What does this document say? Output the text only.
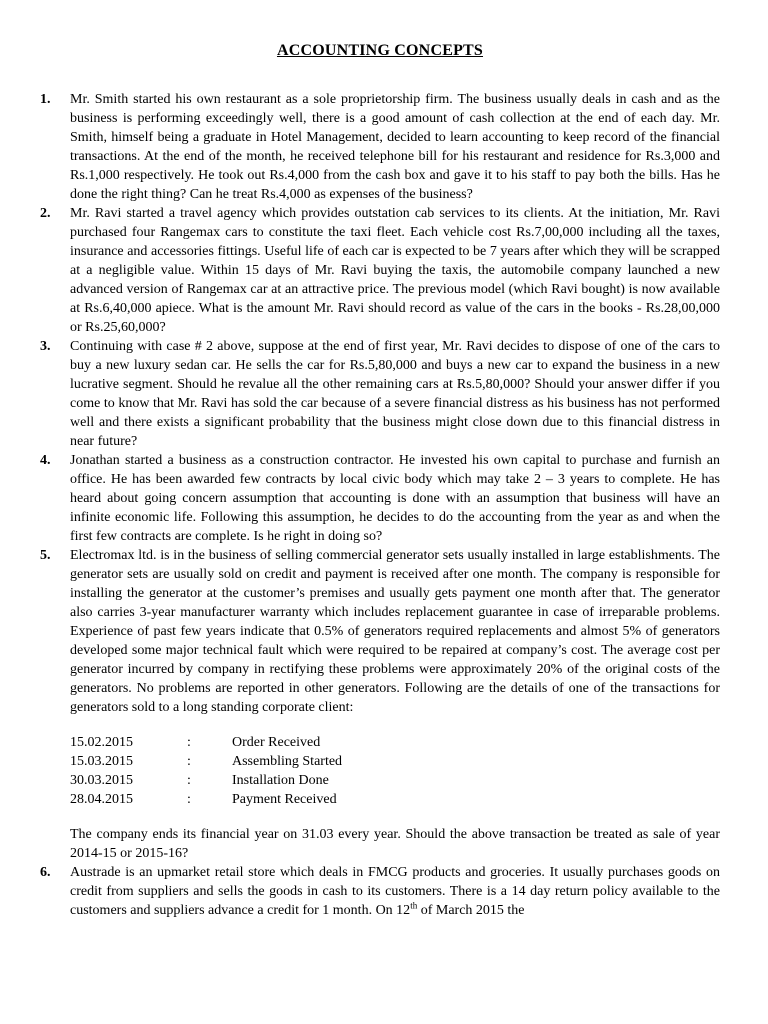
ACCOUNTING CONCEPTS
1.	Mr. Smith started his own restaurant as a sole proprietorship firm. The business usually deals in cash and as the business is performing exceedingly well, there is a good amount of cash collection at the end of each day. Mr. Smith, himself being a graduate in Hotel Management, decided to learn accounting to keep record of the financial transactions. At the end of the month, he received telephone bill for his restaurant and residence for Rs.3,000 and Rs.1,000 respectively. He took out Rs.4,000 from the cash box and gave it to his staff to pay both the bills. Has he done the right thing? Can he treat Rs.4,000 as expenses of the business?

2.	Mr. Ravi started a travel agency which provides outstation cab services to its clients. At the initiation, Mr. Ravi purchased four Rangemax cars to constitute the taxi fleet. Each vehicle cost Rs.7,00,000 including all the taxes, insurance and accessories fittings. Useful life of each car is expected to be 7 years after which they will be scrapped at a negligible value. Within 15 days of Mr. Ravi buying the taxis, the automobile company launched a new advanced version of Rangemax car at an attractive price. The previous model (which Ravi bought) is now available at Rs.6,40,000 apiece. What is the amount Mr. Ravi should record as value of the cars in the books - Rs.28,00,000 or Rs.25,60,000?

3.	Continuing with case # 2 above, suppose at the end of first year, Mr. Ravi decides to dispose of one of the cars to buy a new luxury sedan car. He sells the car for Rs.5,80,000 and buys a new car to expand the business in a new lucrative segment. Should he revalue all the other remaining cars at Rs.5,80,000? Should your answer differ if you come to know that Mr. Ravi has sold the car because of a severe financial distress as his business has not performed well and there exists a significant probability that the business might close down due to this financial distress in near future?

4.	Jonathan started a business as a construction contractor. He invested his own capital to purchase and furnish an office. He has been awarded few contracts by local civic body which may take 2 – 3 years to complete. He has heard about going concern assumption that accounting is done with an assumption that business will have an infinite economic life. Following this assumption, he decides to do the accounting from the year as and when the first few contracts are complete. Is he right in doing so?

5.	Electromax ltd. is in the business of selling commercial generator sets usually installed in large establishments. The generator sets are usually sold on credit and payment is received after one month. The company is responsible for installing the generator at the customer’s premises and usually gets payment one month after that. The generator also carries 3-year manufacturer warranty which includes replacement guarantee in case of irreparable problems. Experience of past few years indicate that 0.5% of generators required replacements and almost 5% of generators developed some major technical fault which were required to be repaired at company’s cost. The average cost per generator incurred by company in rectifying these problems were approximately 20% of the original costs of the generators. No problems are reported in other generators. Following are the details of one of the transactions for generators sold to a long standing corporate client:

15.02.2015	:	Order Received
15.03.2015	:	Assembling Started
30.03.2015	:	Installation Done
28.04.2015	:	Payment Received

The company ends its financial year on 31.03 every year. Should the above transaction be treated as sale of year 2014-15 or 2015-16?

6.	Austrade is an upmarket retail store which deals in FMCG products and groceries. It usually purchases goods on credit from suppliers and sells the goods in cash to its customers. There is a 14 day return policy available to the customers and suppliers advance a credit for 1 month. On 12th of March 2015 the
